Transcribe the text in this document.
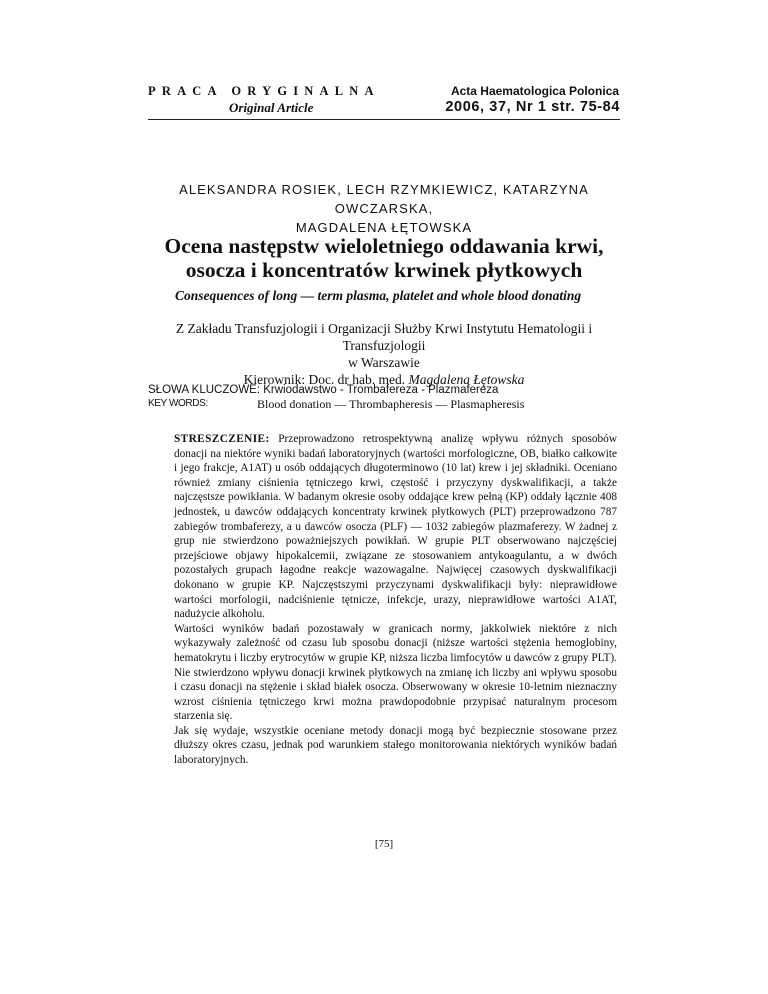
PRACA ORYGINALNA
Original Article
Acta Haematologica Polonica
2006, 37, Nr 1 str. 75-84
ALEKSANDRA ROSIEK, LECH RZYMKIEWICZ, KATARZYNA OWCZARSKA,
MAGDALENA ŁĘTOWSKA
Ocena następstw wieloletniego oddawania krwi,
osocza i koncentratów krwinek płytkowych
Consequences of long — term plasma, platelet and whole blood donating
Z Zakładu Transfuzjologii i Organizacji Służby Krwi Instytutu Hematologii i Transfuzjologii
w Warszawie
Kierownik: Doc. dr hab. med. Magdalena Łętowska
SŁOWA KLUCZOWE: Krwiodawstwo - Trombafereza - Plazmafereza
KEY WORDS:	Blood donation — Thrombapheresis — Plasmapheresis

STRESZCZENIE: Przeprowadzono retrospektywną analizę wpływu różnych sposobów donacji na niektóre wyniki badań laboratoryjnych (wartości morfologiczne, OB, białko całkowite i jego frakcje, A1AT) u osób oddających długoterminowo (10 lat) krew i jej składniki. Oceniano również zmiany ciśnienia tętniczego krwi, częstość i przyczyny dyskwalifikacji, a także najczęstsze powikłania. W badanym okresie osoby oddające krew pełną (KP) oddały łącznie 408 jednostek, u dawców oddających koncentraty krwinek płytkowych (PLT) przeprowadzono 787 zabiegów trombaferezy, a u dawców osocza (PLF) — 1032 zabiegów plazmaferezy. W żadnej z grup nie stwierdzono poważniejszych powikłań. W grupie PLT obserwowano najczęściej przejściowe objawy hipokalcemii, związane ze stosowaniem antykoagulantu, a w dwóch pozostałych grupach łagodne reakcje wazowagalne. Najwięcej czasowych dyskwalifikacji dokonano w grupie KP. Najczęstszymi przyczynami dyskwalifikacji były: nieprawidłowe wartości morfologii, nadciśnienie tętnicze, infekcje, urazy, nieprawidłowe wartości A1AT, nadużycie alkoholu.

Wartości wyników badań pozostawały w granicach normy, jakkolwiek niektóre z nich wykazywały zależność od czasu lub sposobu donacji (niższe wartości stężenia hemoglobiny, hematokrytu i liczby erytrocytów w grupie KP, niższa liczba limfocytów u dawców z grupy PLT). Nie stwierdzono wpływu donacji krwinek płytkowych na zmianę ich liczby ani wpływu sposobu i czasu donacji na stężenie i skład białek osocza. Obserwowany w okresie 10-letnim nieznaczny wzrost ciśnienia tętniczego krwi można prawdopodobnie przypisać naturalnym procesom starzenia się.

Jak się wydaje, wszystkie oceniane metody donacji mogą być bezpiecznie stosowane przez dłuższy okres czasu, jednak pod warunkiem stałego monitorowania niektórych wyników badań laboratoryjnych.

[75]
